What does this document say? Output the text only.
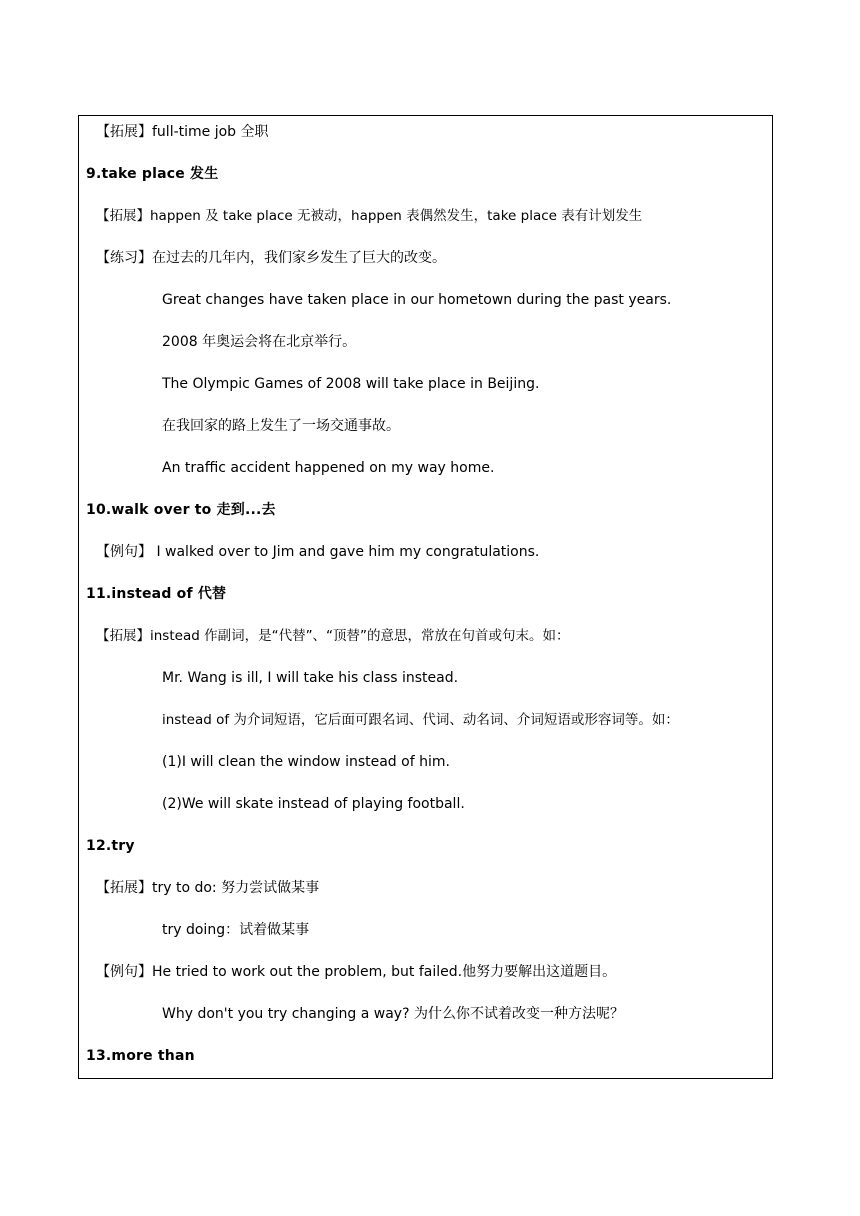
【拓展】full-time job 全职
9.take place 发生
【拓展】happen 及 take place 无被动，happen 表偶然发生，take place 表有计划发生
【练习】在过去的几年内，我们家乡发生了巨大的改变。
Great changes have taken place in our hometown during the past years.
2008 年奥运会将在北京举行。
The Olympic Games of 2008 will take place in Beijing.
在我回家的路上发生了一场交通事故。
An traffic accident happened on my way home.
10.walk over to 走到...去
【例句】 I walked over to Jim and gave him my congratulations.
11.instead of 代替
【拓展】instead 作副词，是“代替”、“顶替”的意思，常放在句首或句末。如：
Mr. Wang is ill, I will take his class instead.
instead of 为介词短语，它后面可跟名词、代词、动名词、介词短语或形容词等。如：
(1)I will clean the window instead of him.
(2)We will skate instead of playing football.
12.try
【拓展】try to do: 努力尝试做某事
try doing：试着做某事
【例句】He tried to work out the problem, but failed.他努力要解出这道题目。
Why don't you try changing a way? 为什么你不试着改变一种方法呢？
13.more than
